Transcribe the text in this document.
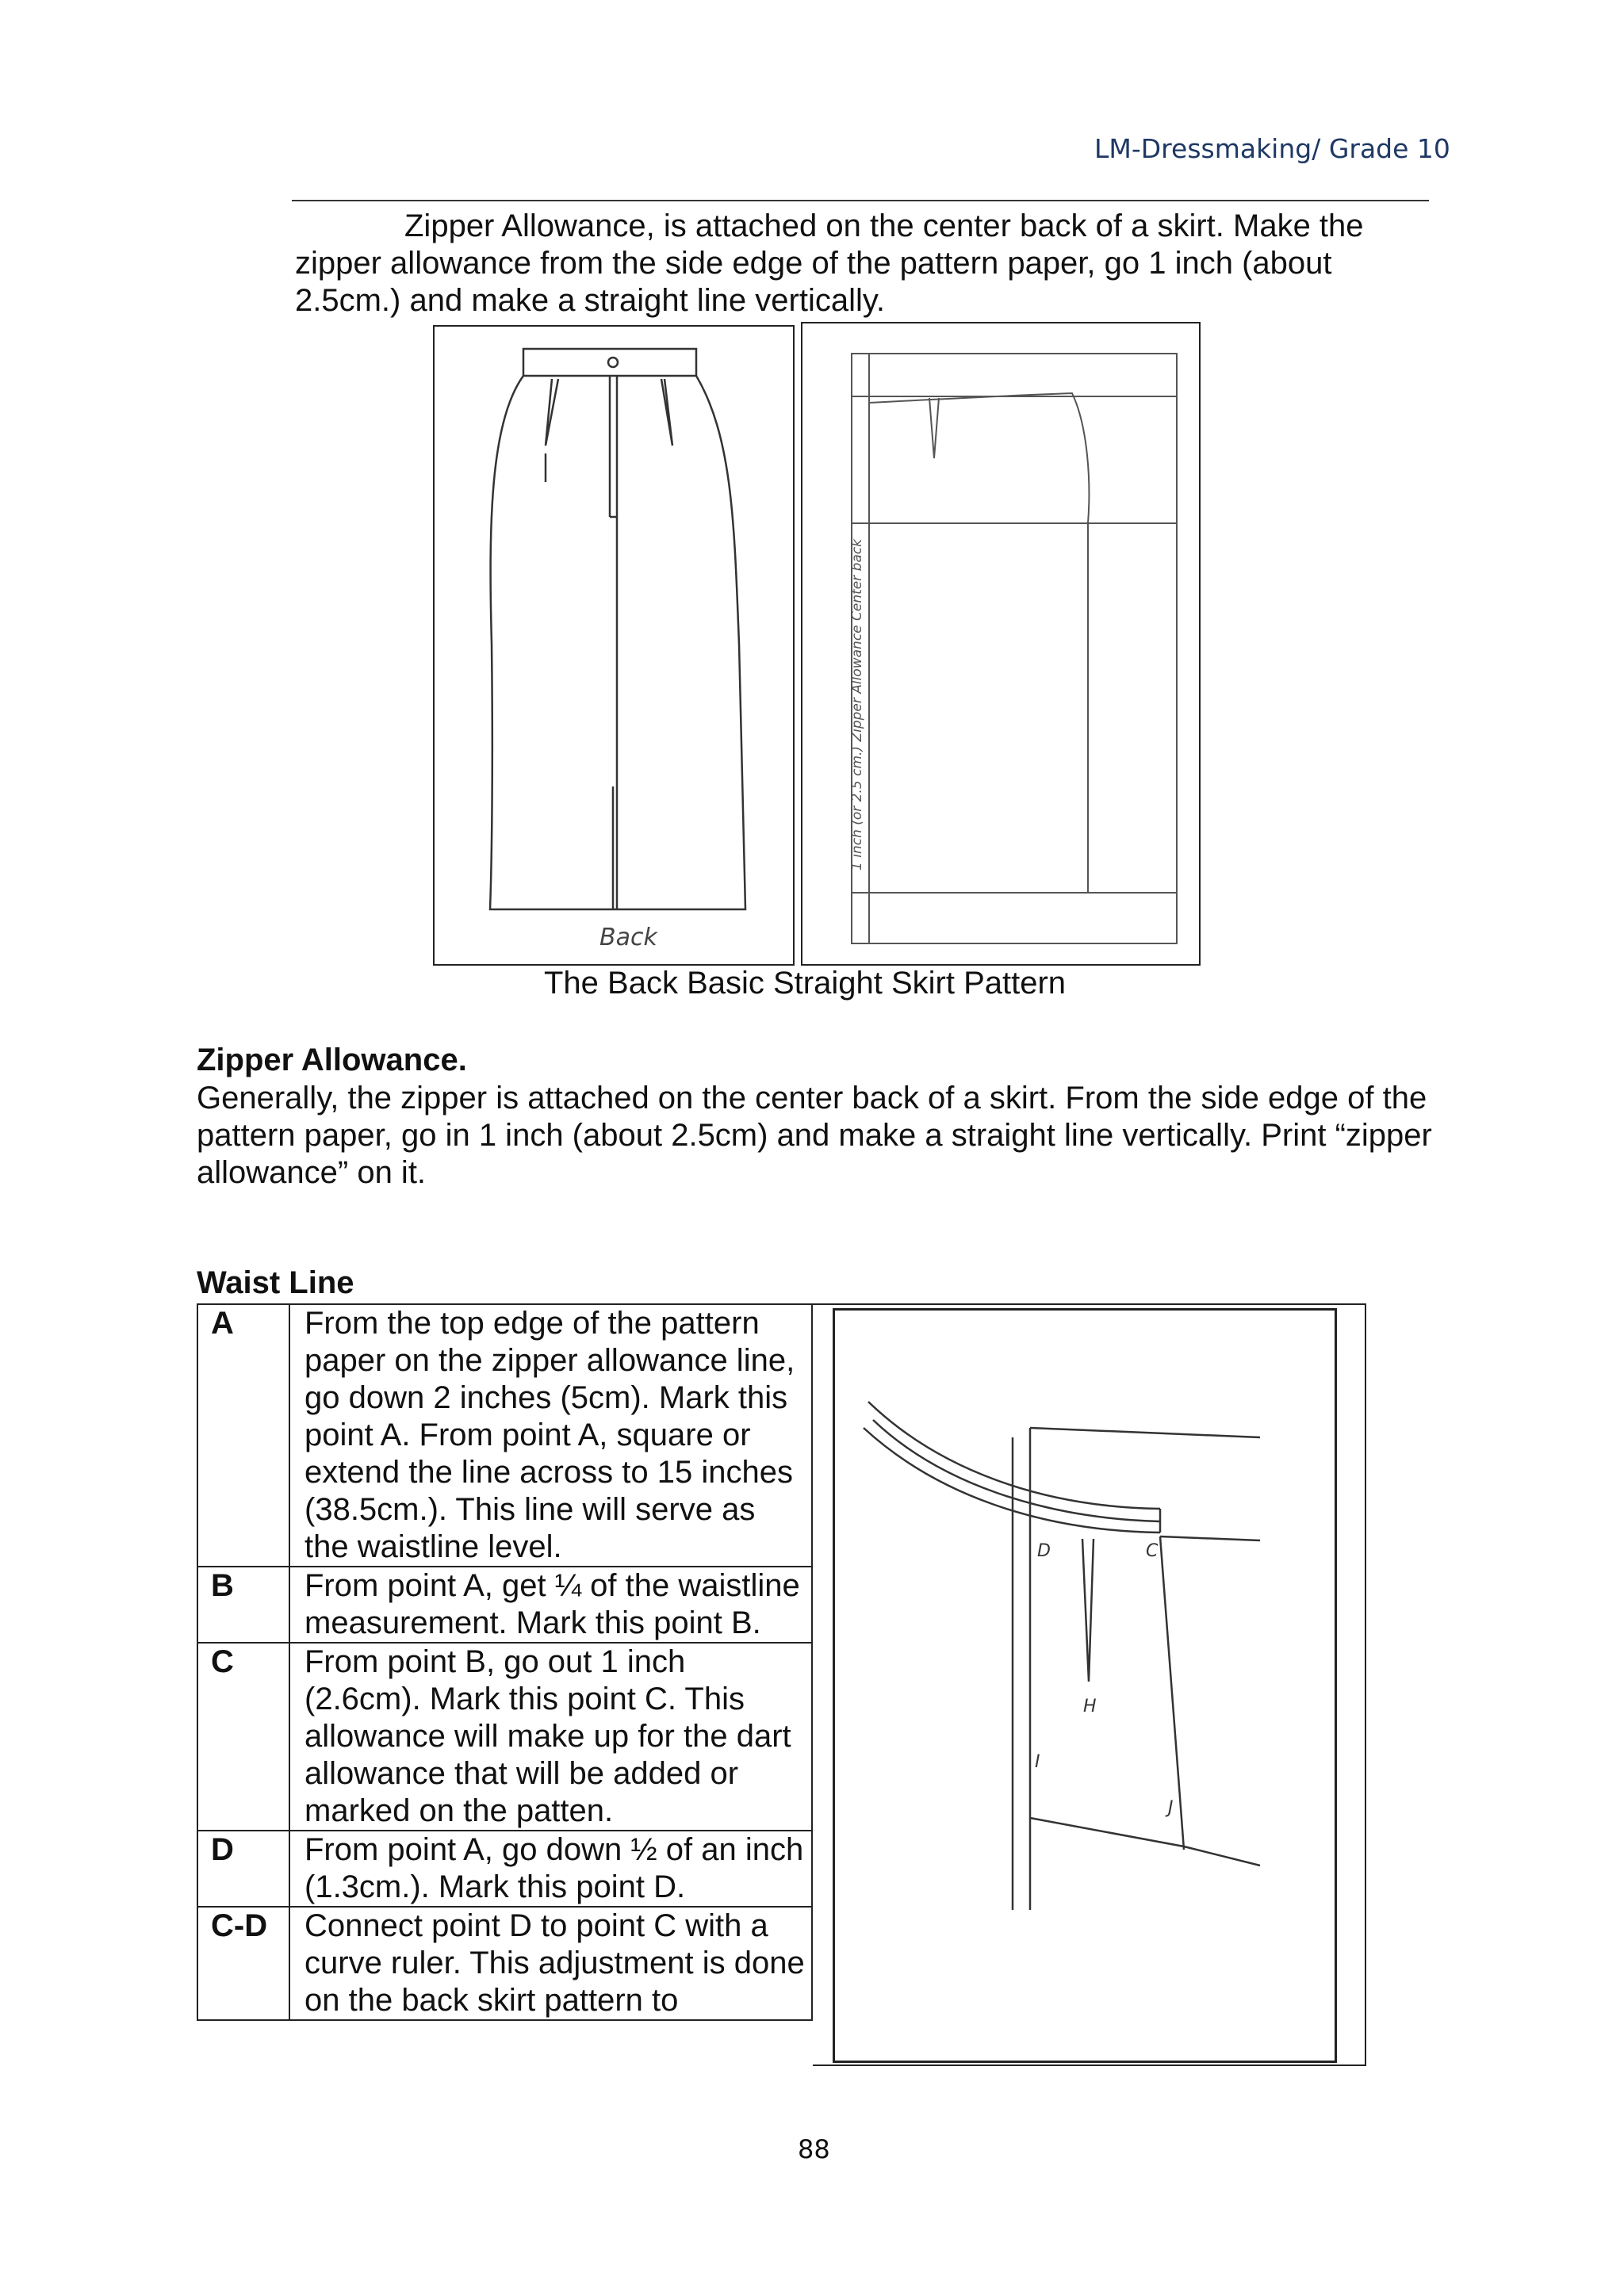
LM-Dressmaking/ Grade 10
Zipper Allowance, is attached on the center back of a skirt. Make the zipper allowance from the side edge of the pattern paper, go 1 inch (about 2.5cm.) and make a straight line vertically.
Back
1 inch (or 2.5 cm.) Zipper Allowance Center back
The Back Basic Straight Skirt Pattern
Zipper Allowance.
Generally, the zipper is attached on the center back of a skirt. From the side edge of the pattern paper, go in 1 inch (about 2.5cm) and make a straight line vertically. Print “zipper allowance” on it.
Waist Line
A	From the top edge of the pattern paper on the zipper allowance line, go down 2 inches (5cm). Mark this point A. From point A, square or extend the line across to 15 inches (38.5cm.). This line will serve as the waistline level.
B	From point A, get ¼ of the waistline measurement. Mark this point B.
C	From point B, go out 1 inch (2.6cm). Mark this point C. This allowance will make up for the dart allowance that will be added or marked on the patten.
D	From point A, go down ½ of an inch (1.3cm.). Mark this point D.
C-D	Connect point D to point C with a curve ruler. This adjustment is done on the back skirt pattern to
D	C
H
I
J
88
